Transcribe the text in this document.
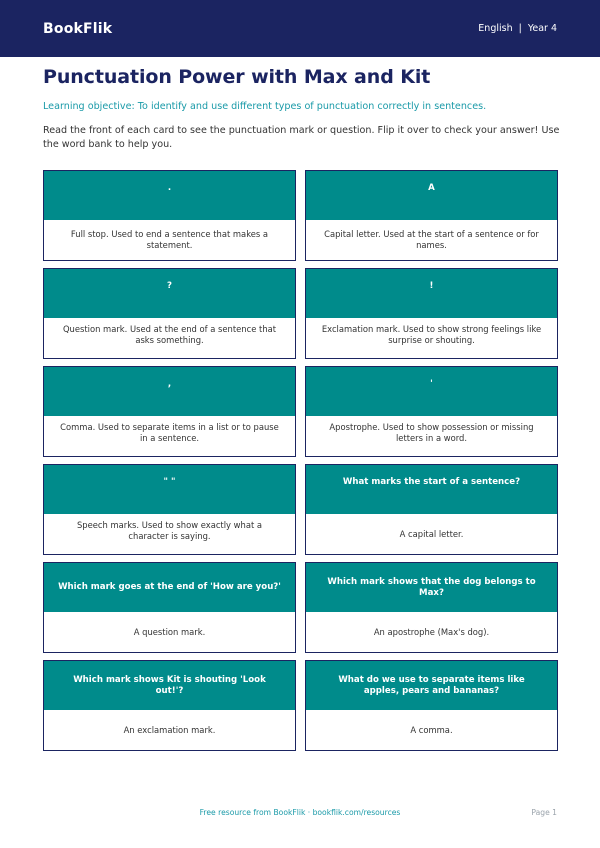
BookFlik	English | Year 4
Punctuation Power with Max and Kit

Learning objective: To identify and use different types of punctuation correctly in sentences.

Read the front of each card to see the punctuation mark or question. Flip it over to check your answer! Use the word bank to help you.

.
Full stop. Used to end a sentence that makes a statement.
A
Capital letter. Used at the start of a sentence or for names.
?
Question mark. Used at the end of a sentence that asks something.
!
Exclamation mark. Used to show strong feelings like surprise or shouting.
,
Comma. Used to separate items in a list or to pause in a sentence.
'
Apostrophe. Used to show possession or missing letters in a word.
" "
Speech marks. Used to show exactly what a character is saying.
What marks the start of a sentence?
A capital letter.
Which mark goes at the end of 'How are you?'
A question mark.
Which mark shows that the dog belongs to Max?
An apostrophe (Max's dog).
Which mark shows Kit is shouting 'Look out!'?
An exclamation mark.
What do we use to separate items like apples, pears and bananas?
A comma.
Free resource from BookFlik · bookflik.com/resources	Page 1
